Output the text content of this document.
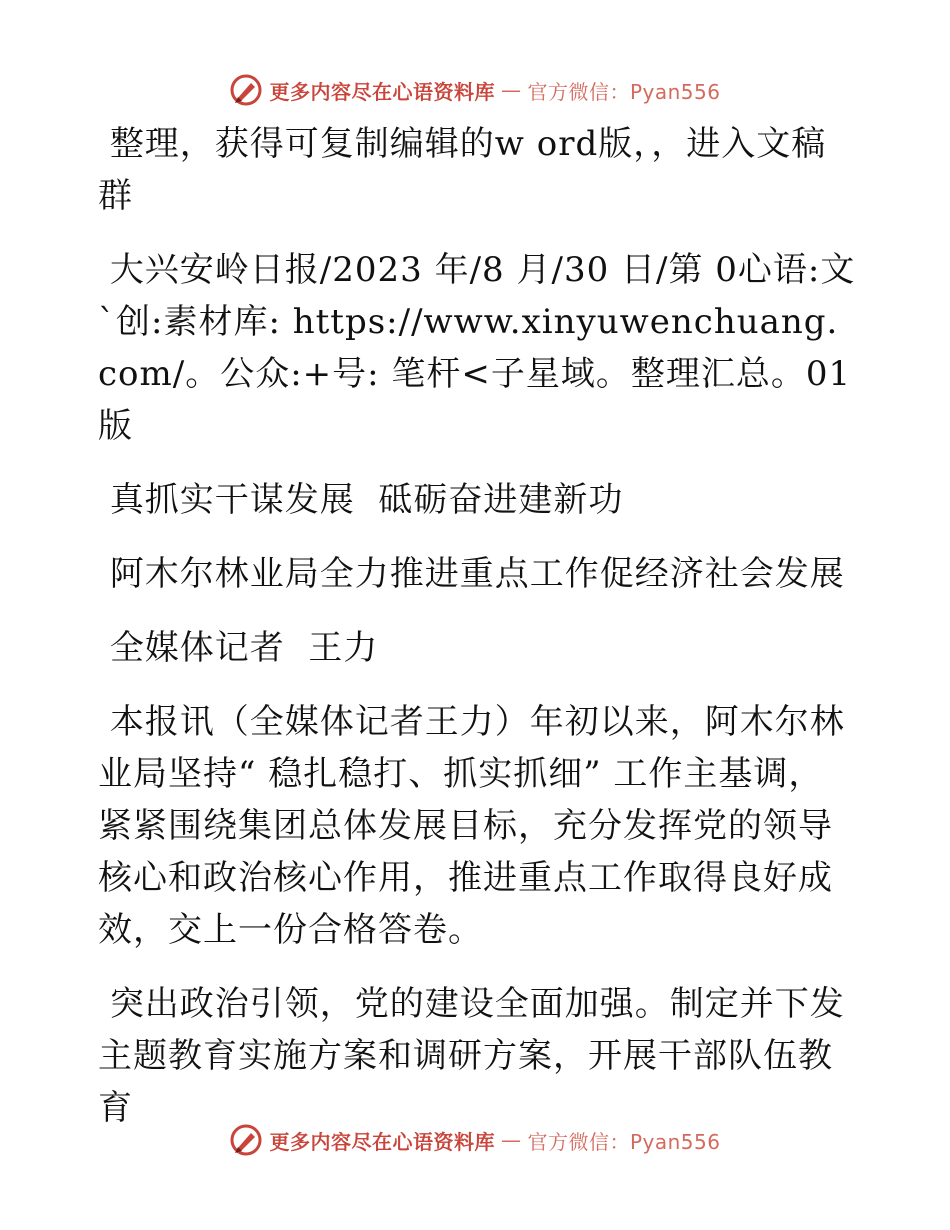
更多内容尽在心语资料库 — 官方微信：Pyan556

整理，获得可复制编辑的w ord版，，进入文稿群

大兴安岭日报/2023 年/8 月/30 日/第 0心语:文ˋ创:素材库: https://www.xinyuwenchuang.com/。公众:+号: 笔杆<子星域。整理汇总。01 版

真抓实干谋发展  砥砺奋进建新功

阿木尔林业局全力推进重点工作促经济社会发展

全媒体记者  王力

本报讯（全媒体记者王力）年初以来，阿木尔林业局坚持“ 稳扎稳打、抓实抓细” 工作主基调，紧紧围绕集团总体发展目标，充分发挥党的领导核心和政治核心作用，推进重点工作取得良好成效，交上一份合格答卷。

突出政治引领，党的建设全面加强。制定并下发主题教育实施方案和调研方案，开展干部队伍教育

更多内容尽在心语资料库 — 官方微信：Pyan556
